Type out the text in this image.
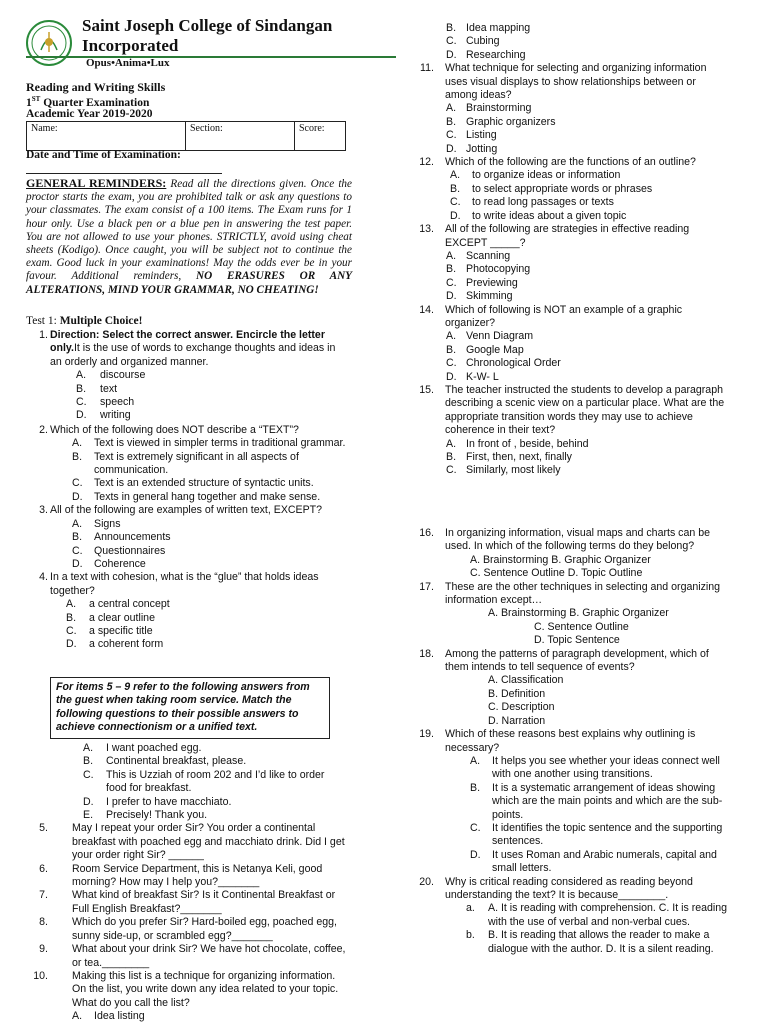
Saint Joseph College of Sindangan
Incorporated
Opus•Anima•Lux
Reading and Writing Skills
1ST Quarter Examination
Academic Year 2019-2020
Name:	Section:	Score:
Date and Time of Examination:
GENERAL REMINDERS: Read all the directions given. Once the proctor starts the exam, you are prohibited talk or ask any questions to your classmates. The exam consist of a 100 items. The Exam runs for 1 hour only. Use a black pen or a blue pen in answering the test paper. You are not allowed to use your phones. STRICTLY, avoid using cheat sheets (Kodigo). Once caught, you will be subject not to continue the exam. Good luck in your examinations! May the odds ever be in your favour. Additional reminders, NO ERASURES OR ANY ALTERATIONS, MIND YOUR GRAMMAR, NO CHEATING!
Test 1: Multiple Choice!
1. Direction: Select the correct answer. Encircle the letter only.It is the use of words to exchange thoughts and ideas in an orderly and organized manner.
A. discourse
B. text
C. speech
D. writing
2. Which of the following does NOT describe a “TEXT”?
A. Text is viewed in simpler terms in traditional grammar.
B. Text is extremely significant in all aspects of communication.
C. Text is an extended structure of syntactic units.
D. Texts in general hang together and make sense.
3. All of the following are examples of written text, EXCEPT?
A. Signs
B. Announcements
C. Questionnaires
D. Coherence
4. In a text with cohesion, what is the “glue” that holds ideas together?
A. a central concept
B. a clear outline
C. a specific title
D. a coherent form
For items 5 – 9 refer to the following answers from the guest when taking room service. Match the following questions to their possible answers to achieve connectionism or a unified text.
A. I want poached egg.
B. Continental breakfast, please.
C. This is Uzziah of room 202 and I’d like to order food for breakfast.
D. I prefer to have macchiato.
E. Precisely! Thank you.
5. May I repeat your order Sir? You order a continental breakfast with poached egg and macchiato drink. Did I get your order right Sir? ______
6. Room Service Department, this is Netanya Keli, good morning? How may I help you?_______
7. What kind of breakfast Sir? Is it Continental Breakfast or Full English Breakfast?_______
8. Which do you prefer Sir? Hard-boiled egg, poached egg, sunny side-up, or scrambled egg?_______
9. What about your drink Sir? We have hot chocolate, coffee, or tea.________
10. Making this list is a technique for organizing information. On the list, you write down any idea related to your topic. What do you call the list?
A. Idea listing
B. Idea mapping
C. Cubing
D. Researching
11. What technique for selecting and organizing information uses visual displays to show relationships between or among ideas?
A. Brainstorming
B. Graphic organizers
C. Listing
D. Jotting
12. Which of the following are the functions of an outline?
A. to organize ideas or information
B. to select appropriate words or phrases
C. to read long passages or texts
D. to write ideas about a given topic
13. All of the following are strategies in effective reading EXCEPT _____?
A. Scanning
B. Photocopying
C. Previewing
D. Skimming
14. Which of following is NOT an example of a graphic organizer?
A. Venn Diagram
B. Google Map
C. Chronological Order
D. K-W- L
15. The teacher instructed the students to develop a paragraph describing a scenic view on a particular place. What are the appropriate transition words they may use to achieve coherence in their text?
A. In front of , beside, behind
B. First, then, next, finally
C. Similarly, most likely
16. In organizing information, visual maps and charts can be used. In which of the following terms do they belong?
A. Brainstorming B. Graphic Organizer
C. Sentence Outline D. Topic Outline
17. These are the other techniques in selecting and organizing information except…
A. Brainstorming B. Graphic Organizer
C. Sentence Outline
D. Topic Sentence
18. Among the patterns of paragraph development, which of them intends to tell sequence of events?
A. Classification
B. Definition
C. Description
D. Narration
19. Which of these reasons best explains why outlining is necessary?
A. It helps you see whether your ideas connect well with one another using transitions.
B. It is a systematic arrangement of ideas showing which are the main points and which are the sub-points.
C. It identifies the topic sentence and the supporting sentences.
D. It uses Roman and Arabic numerals, capital and small letters.
20. Why is critical reading considered as reading beyond understanding the text? It is because________.
a. A. It is reading with comprehension. C. It is reading with the use of verbal and non-verbal cues.
b. B. It is reading that allows the reader to make a dialogue with the author. D. It is a silent reading.
